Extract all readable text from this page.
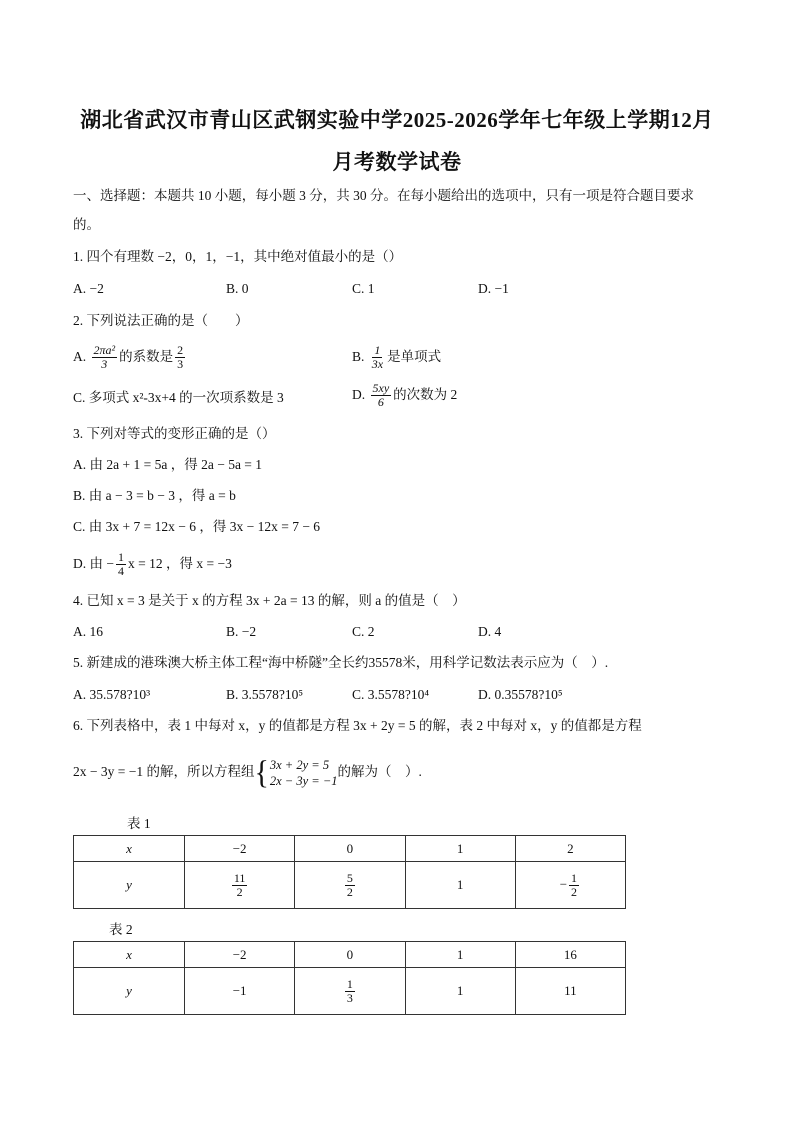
湖北省武汉市青山区武钢实验中学2025-2026学年七年级上学期12月
月考数学试卷
一、选择题：本题共 10 小题，每小题 3 分，共 30 分。在每小题给出的选项中，只有一项是符合题目要求
的。
1. 四个有理数 −2，0，1，−1，其中绝对值最小的是（）
A. −2	B. 0	C. 1	D. −1
2. 下列说法正确的是（　　）
A. $\frac{\text{2πa²}}{3}$ 的系数是 $\frac{2}{3}$	B. $\frac{1}{3x}$ 是单项式
C. 多项式 x²-3x+4 的一次项系数是 3	D. $\frac{5xy}{6}$ 的次数为 2
3. 下列对等式的变形正确的是（）
A. 由 2a + 1 = 5a ，得 2a − 5a = 1
B. 由 a − 3 = b − 3 ，得 a = b
C. 由 3x + 7 = 12x − 6 ，得 3x − 12x = 7 − 6
D. 由 − $\frac{1}{4}$ x = 12 ，得 x = −3
4. 已知 x = 3 是关于 x 的方程 3x + 2a = 13 的解，则 a 的值是（　）
A. 16	B. −2	C. 2	D. 4
5. 新建成的港珠澳大桥主体工程“海中桥隧”全长约35578米，用科学记数法表示应为（　）.
A. 35.578?10³	B. 3.5578?10⁵	C. 3.5578?10⁴	D. 0.35578?10⁵
6. 下列表格中，表 1 中每对 x，y 的值都是方程 3x + 2y = 5 的解，表 2 中每对 x，y 的值都是方程
2x − 3y = −1 的解，所以方程组{ 3x + 2y = 5
2x − 3y = −1
的解为（　）.
表 1
x	−2	0	1	2
y	$\frac{11}{2}$	$\frac{5}{2}$	1	− $\frac{1}{2}$
表 2
x	−2	0	1	16
y	−1	$\frac{1}{3}$	1	11
